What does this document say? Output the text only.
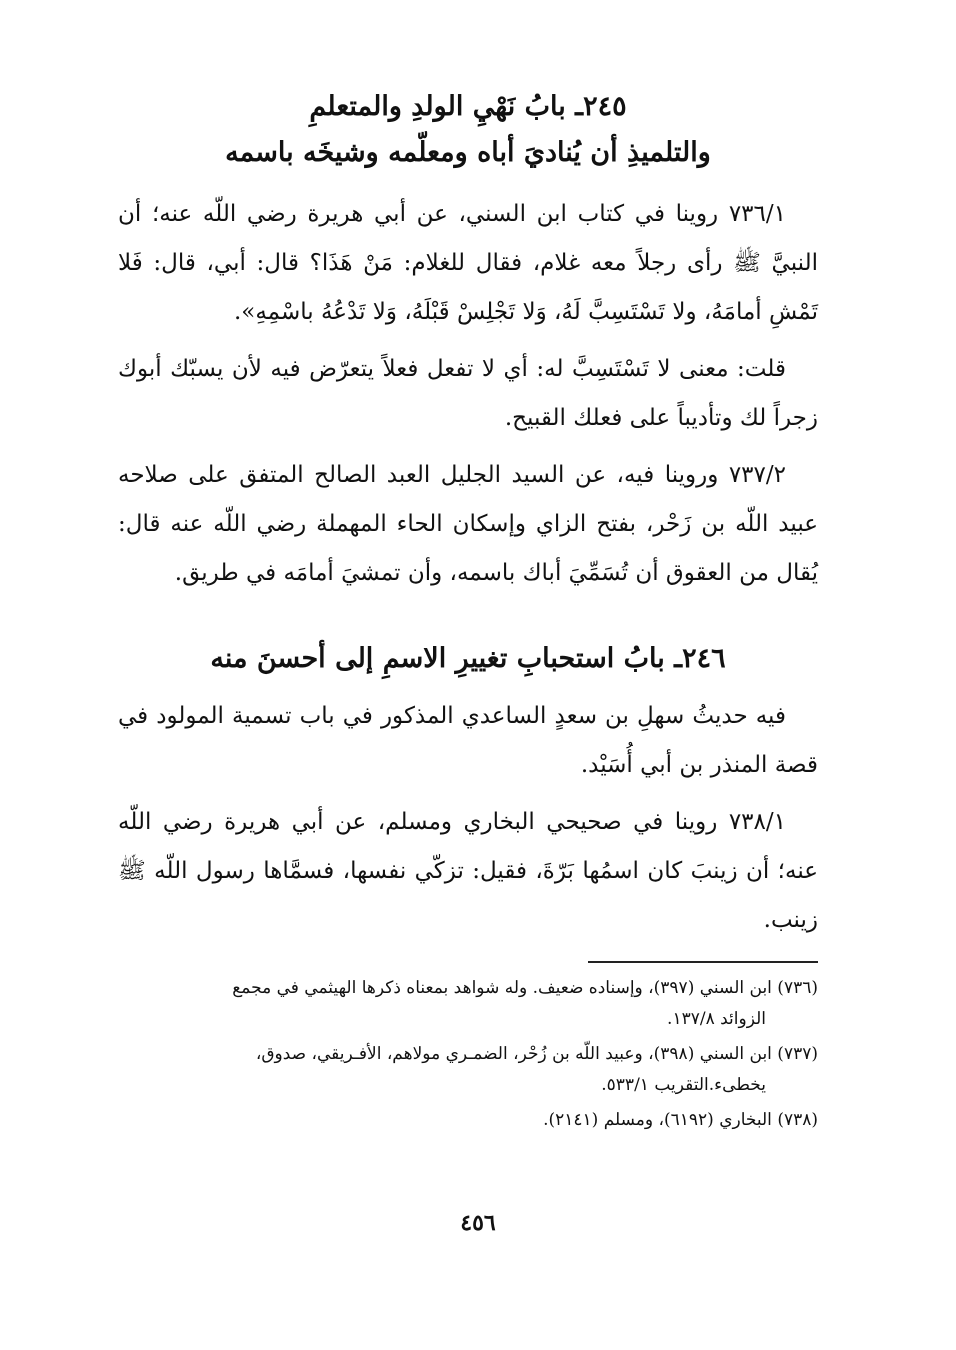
٢٤٥ـ بابُ نَهْيِ الولدِ والمتعلمِ
والتلميذِ أن يُناديَ أباه ومعلّمه وشيخَه باسمه

٧٣٦/١ روينا في كتاب ابن السني، عن أبي هريرة رضي اللّه عنه؛ أن النبيَّ ﷺ رأى رجلاً معه غلام، فقال للغلام: مَنْ هَذَا؟ قال: أبي، قال: فَلا تَمْشِ أمامَهُ، ولا تَسْتَسِبَّ لَهُ، وَلا تَجْلِسْ قَبْلَهُ، وَلا تَدْعُهُ باسْمِهِ».

قلت: معنى لا تَسْتَسِبَّ له: أي لا تفعل فعلاً يتعرّض فيه لأن يسبّك أبوك زجراً لك وتأديباً على فعلك القبيح.

٧٣٧/٢ وروينا فيه، عن السيد الجليل العبد الصالح المتفق على صلاحه عبيد اللّه بن زَحْر، بفتح الزاي وإسكان الحاء المهملة رضي اللّه عنه قال: يُقال من العقوق أن تُسَمِّيَ أباك باسمه، وأن تمشيَ أمامَه في طريق.

٢٤٦ـ بابُ استحبابِ تغييرِ الاسمِ إلى أحسنَ منه

فيه حديثُ سهلِ بن سعدٍ الساعدي المذكور في باب تسمية المولود في قصة المنذر بن أبي أُسَيْد.

٧٣٨/١ روينا في صحيحي البخاري ومسلم، عن أبي هريرة رضي اللّه عنه؛ أن زينبَ كان اسمُها بَرّةَ، فقيل: تزكّي نفسها، فسمَّاها رسول اللّه ﷺ زينب.

(٧٣٦) ابن السني (٣٩٧)، وإسناده ضعيف. وله شواهد بمعناه ذكرها الهيثمي في مجمع
الزوائد ١٣٧/٨.
(٧٣٧) ابن السني (٣٩٨)، وعبيد اللّه بن زُحْر، الضمـري مولاهم، الأفـريقي، صدوق،
يخطىء.التقريب ٥٣٣/١.
(٧٣٨) البخاري (٦١٩٢)، ومسلم (٢١٤١).
٤٥٦
